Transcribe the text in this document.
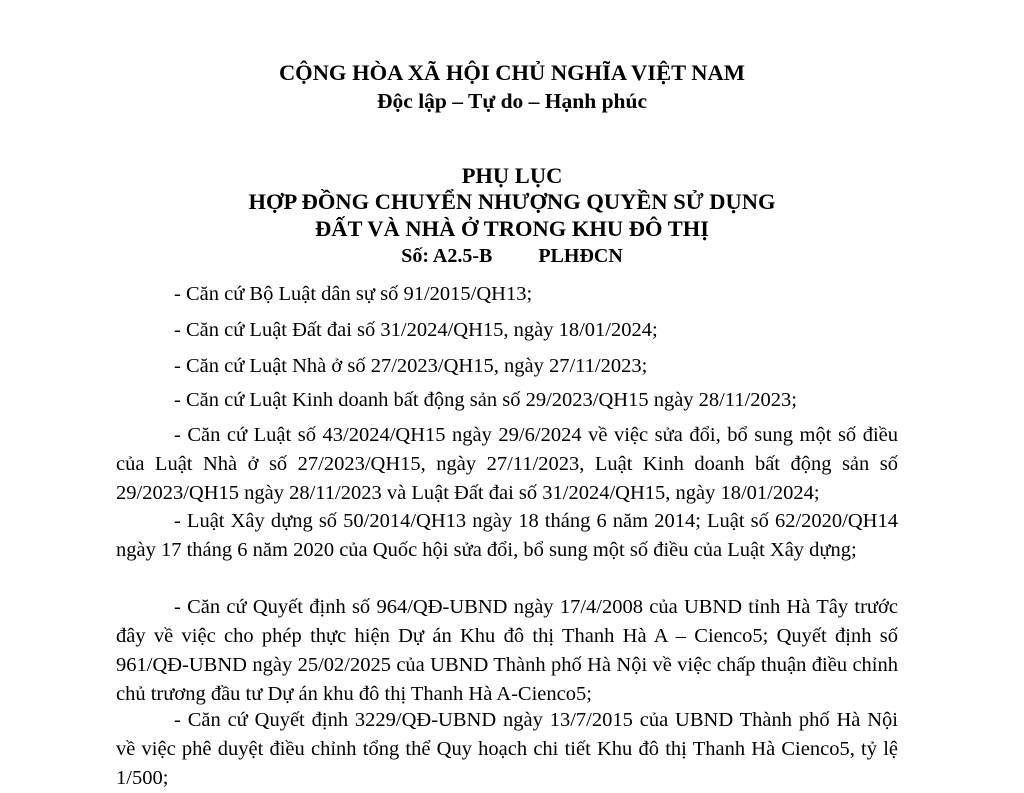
CỘNG HÒA XÃ HỘI CHỦ NGHĨA VIỆT NAM
Độc lập – Tự do – Hạnh phúc
PHỤ LỤC
HỢP ĐỒNG CHUYỂN NHƯỢNG QUYỀN SỬ DỤNG
ĐẤT VÀ NHÀ Ở TRONG KHU ĐÔ THỊ
Số: A2.5-B PLHĐCN
- Căn cứ Bộ Luật dân sự số 91/2015/QH13;
- Căn cứ Luật Đất đai số 31/2024/QH15, ngày 18/01/2024;
- Căn cứ Luật Nhà ở số 27/2023/QH15, ngày 27/11/2023;
- Căn cứ Luật Kinh doanh bất động sản số 29/2023/QH15 ngày 28/11/2023;
- Căn cứ Luật số 43/2024/QH15 ngày 29/6/2024 về việc sửa đổi, bổ sung một số điều của Luật Nhà ở số 27/2023/QH15, ngày 27/11/2023, Luật Kinh doanh bất động sản số 29/2023/QH15 ngày 28/11/2023 và Luật Đất đai số 31/2024/QH15, ngày 18/01/2024;
- Luật Xây dựng số 50/2014/QH13 ngày 18 tháng 6 năm 2014; Luật số 62/2020/QH14 ngày 17 tháng 6 năm 2020 của Quốc hội sửa đổi, bổ sung một số điều của Luật Xây dựng;
- Căn cứ Quyết định số 964/QĐ-UBND ngày 17/4/2008 của UBND tỉnh Hà Tây trước đây về việc cho phép thực hiện Dự án Khu đô thị Thanh Hà A – Cienco5; Quyết định số 961/QĐ-UBND ngày 25/02/2025 của UBND Thành phố Hà Nội về việc chấp thuận điều chỉnh chủ trương đầu tư Dự án khu đô thị Thanh Hà A-Cienco5;
- Căn cứ Quyết định 3229/QĐ-UBND ngày 13/7/2015 của UBND Thành phố Hà Nội về việc phê duyệt điều chỉnh tổng thể Quy hoạch chi tiết Khu đô thị Thanh Hà Cienco5, tỷ lệ 1/500;
